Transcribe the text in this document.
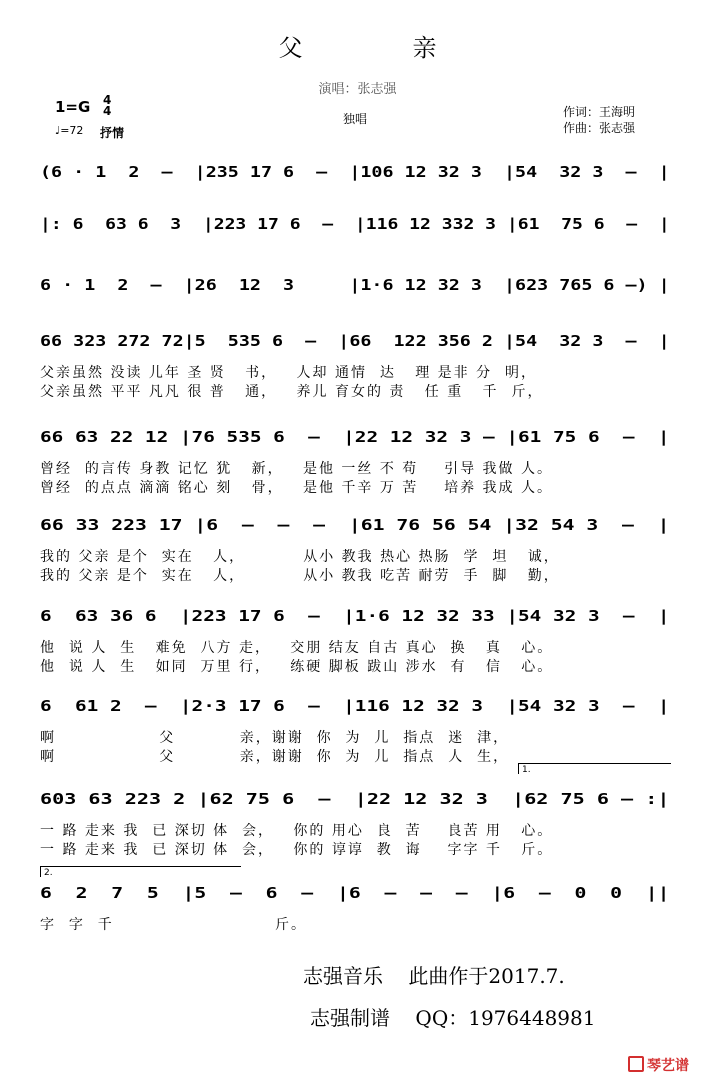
父亲
演唱：张志强
1=G 4
4
♩=72 抒情
独唱	作词：王海明
作曲：张志强
(6 · 1  2  –  |235 17 6  –  |106 12 32 3  |54  32 3  –  |
|: 6  63 6  3  |223 17 6  –  |116 12 332 3 |61  75 6  –  |
6 · 1  2  –  |26  12  3     |1·6 12 32 3  |623 765 6 –) |
66 323 272 72|5  535 6  –  |66  122 356 2 |54  32 3  –  |
父亲虽然 没读 儿年 圣 贤   书，   人却 通情  达   理 是非 分  明，
父亲虽然 平平 凡凡 很 普   通，   养儿 育女的 责   任 重   千  斤，
66 63 22 12 |76 535 6  –  |22 12 32 3 – |61 75 6  –  |
曾经  的言传 身教 记忆 犹   新，   是他 一丝 不 苟    引导 我做 人。
曾经  的点点 滴滴 铭心 刻   骨，   是他 千辛 万 苦    培养 我成 人。
66 33 223 17 |6  –  –  –  |61 76 56 54 |32 54 3  –  |
我的 父亲 是个  实在   人，         从小 教我 热心 热肠  学  坦   诚，
我的 父亲 是个  实在   人，         从小 教我 吃苦 耐劳  手  脚   勤，
6  63 36 6  |223 17 6  –  |1·6 12 32 33 |54 32 3  –  |
他  说 人  生   难免  八方 走，   交朋 结友 自古 真心  换   真   心。
他  说 人  生   如同  万里 行，   练硬 脚板 跋山 涉水  有   信   心。
6  61 2  –  |2·3 17 6  –  |116 12 32 3  |54 32 3  –  |
啊                父          亲，谢谢  你  为  儿  指点  迷  津，
啊                父          亲，谢谢  你  为  儿  指点  人  生，
603 63 223 2 |62 75 6  –  |22 12 32 3  |62 75 6 – :|
一 路 走来 我  已 深切 体  会，   你的 用心  良  苦    良苦 用   心。
一 路 走来 我  已 深切 体  会，   你的 谆谆  教  诲    字字 千   斤。
6  2  7  5  |5  –  6  –  |6  –  –  –  |6  –  0  0  ||
字  字  千                         斤。
1.
2.
志强音乐    此曲作于2017.7.
志强制谱    QQ：1976448981
琴艺谱
